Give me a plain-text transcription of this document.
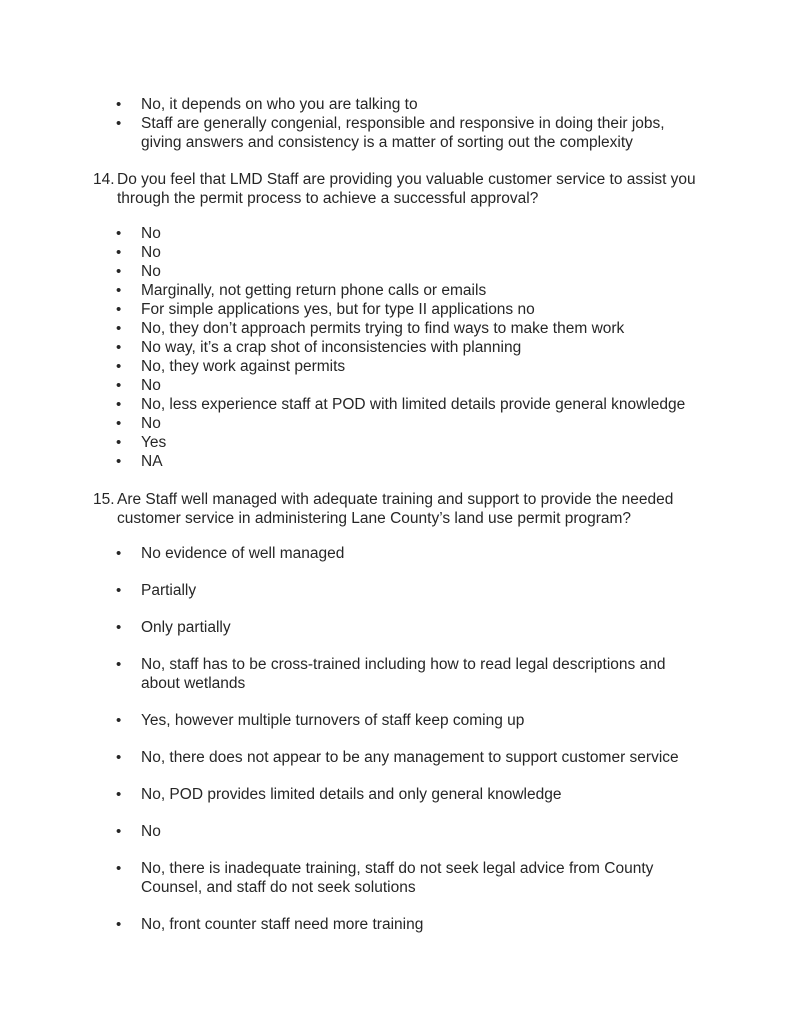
•	No, it depends on who you are talking to
•	Staff are generally congenial, responsible and responsive in doing their jobs, giving answers and consistency is a matter of sorting out the complexity
14. Do you feel that LMD Staff are providing you valuable customer service to assist you through the permit process to achieve a successful approval?
•	No
•	No
•	No
•	Marginally, not getting return phone calls or emails
•	For simple applications yes, but for type II applications no
•	No, they don’t approach permits trying to find ways to make them work
•	No way, it’s a crap shot of inconsistencies with planning
•	No, they work against permits
•	No
•	No, less experience staff at POD with limited details provide general knowledge
•	No
•	Yes
•	NA
15. Are Staff well managed with adequate training and support to provide the needed customer service in administering Lane County’s land use permit program?
•	No evidence of well managed
•	Partially
•	Only partially
•	No, staff has to be cross-trained including how to read legal descriptions and about wetlands
•	Yes, however multiple turnovers of staff keep coming up
•	No, there does not appear to be any management to support customer service
•	No, POD provides limited details and only general knowledge
•	No
•	No, there is inadequate training, staff do not seek legal advice from County Counsel, and staff do not seek solutions
•	No, front counter staff need more training
